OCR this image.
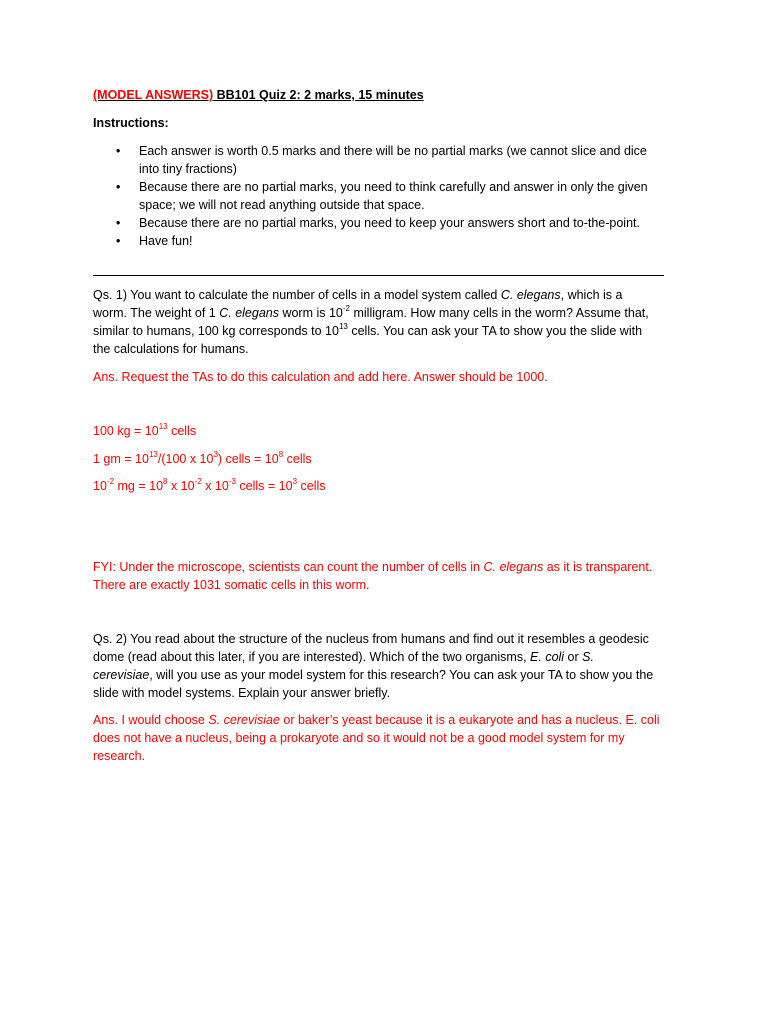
(MODEL ANSWERS) BB101 Quiz 2: 2 marks, 15 minutes
Instructions:
• Each answer is worth 0.5 marks and there will be no partial marks (we cannot slice and dice
into tiny fractions)
• Because there are no partial marks, you need to think carefully and answer in only the given
space; we will not read anything outside that space.
• Because there are no partial marks, you need to keep your answers short and to-the-point.
• Have fun!
Qs. 1) You want to calculate the number of cells in a model system called C. elegans, which is a
worm. The weight of 1 C. elegans worm is $10^{-2}$ milligram. How many cells in the worm? Assume that,
similar to humans, 100 kg corresponds to $10^{13}$ cells. You can ask your TA to show you the slide with
the calculations for humans.
Ans. Request the TAs to do this calculation and add here. Answer should be 1000.
100 kg = $10^{13}$ cells
1 gm = $10^{13}/(100$ x $10^3$) cells = $10^8$ cells
$10^{-2}$ mg = $10^8$ x $10^{-2}$ x $10^{-3}$ cells = $10^3$ cells
FYI: Under the microscope, scientists can count the number of cells in C. elegans as it is transparent.
There are exactly 1031 somatic cells in this worm.
Qs. 2) You read about the structure of the nucleus from humans and find out it resembles a geodesic
dome (read about this later, if you are interested). Which of the two organisms, E. coli or S.
cerevisiae, will you use as your model system for this research? You can ask your TA to show you the
slide with model systems. Explain your answer briefly.
Ans. I would choose S. cerevisiae or baker’s yeast because it is a eukaryote and has a nucleus. E. coli
does not have a nucleus, being a prokaryote and so it would not be a good model system for my
research.
